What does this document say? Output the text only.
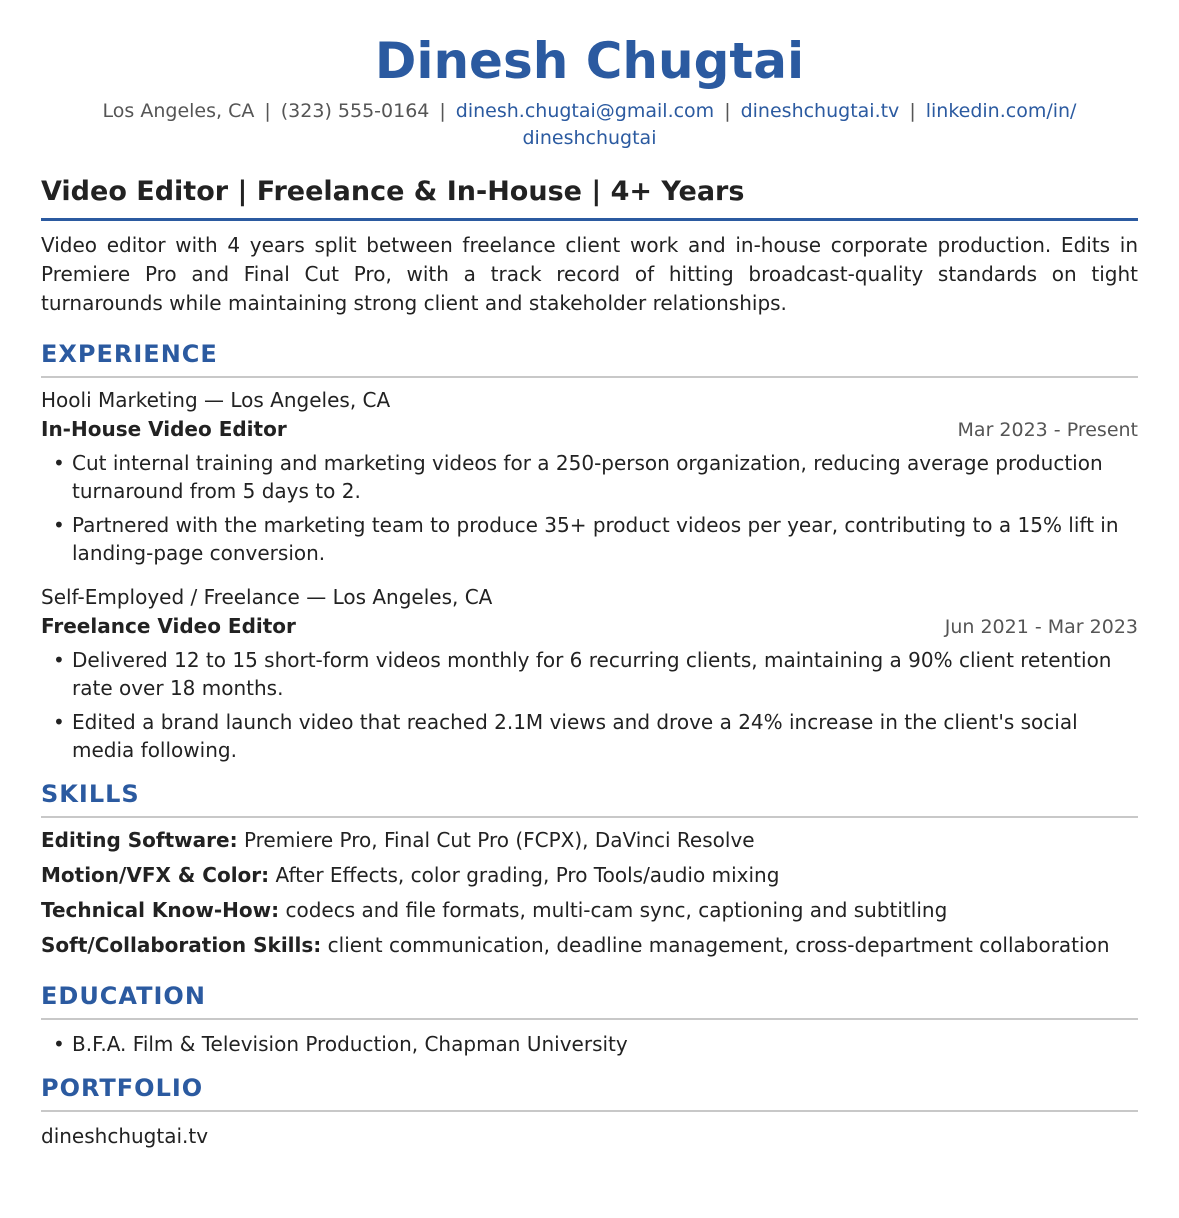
Dinesh Chugtai
Los Angeles, CA | (323) 555-0164 | dinesh.chugtai@gmail.com | dineshchugtai.tv | linkedin.com/in/
dineshchugtai
Video Editor | Freelance & In-House | 4+ Years
Video editor with 4 years split between freelance client work and in-house corporate production. Edits in Premiere Pro and Final Cut Pro, with a track record of hitting broadcast-quality standards on tight turnarounds while maintaining strong client and stakeholder relationships.
EXPERIENCE
Hooli Marketing — Los Angeles, CA
In-House Video Editor	Mar 2023 - Present
• Cut internal training and marketing videos for a 250-person organization, reducing average production turnaround from 5 days to 2.
• Partnered with the marketing team to produce 35+ product videos per year, contributing to a 15% lift in landing-page conversion.
Self-Employed / Freelance — Los Angeles, CA
Freelance Video Editor	Jun 2021 - Mar 2023
• Delivered 12 to 15 short-form videos monthly for 6 recurring clients, maintaining a 90% client retention rate over 18 months.
• Edited a brand launch video that reached 2.1M views and drove a 24% increase in the client's social media following.
SKILLS
Editing Software: Premiere Pro, Final Cut Pro (FCPX), DaVinci Resolve
Motion/VFX & Color: After Effects, color grading, Pro Tools/audio mixing
Technical Know-How: codecs and file formats, multi-cam sync, captioning and subtitling
Soft/Collaboration Skills: client communication, deadline management, cross-department collaboration
EDUCATION
• B.F.A. Film & Television Production, Chapman University
PORTFOLIO
dineshchugtai.tv
